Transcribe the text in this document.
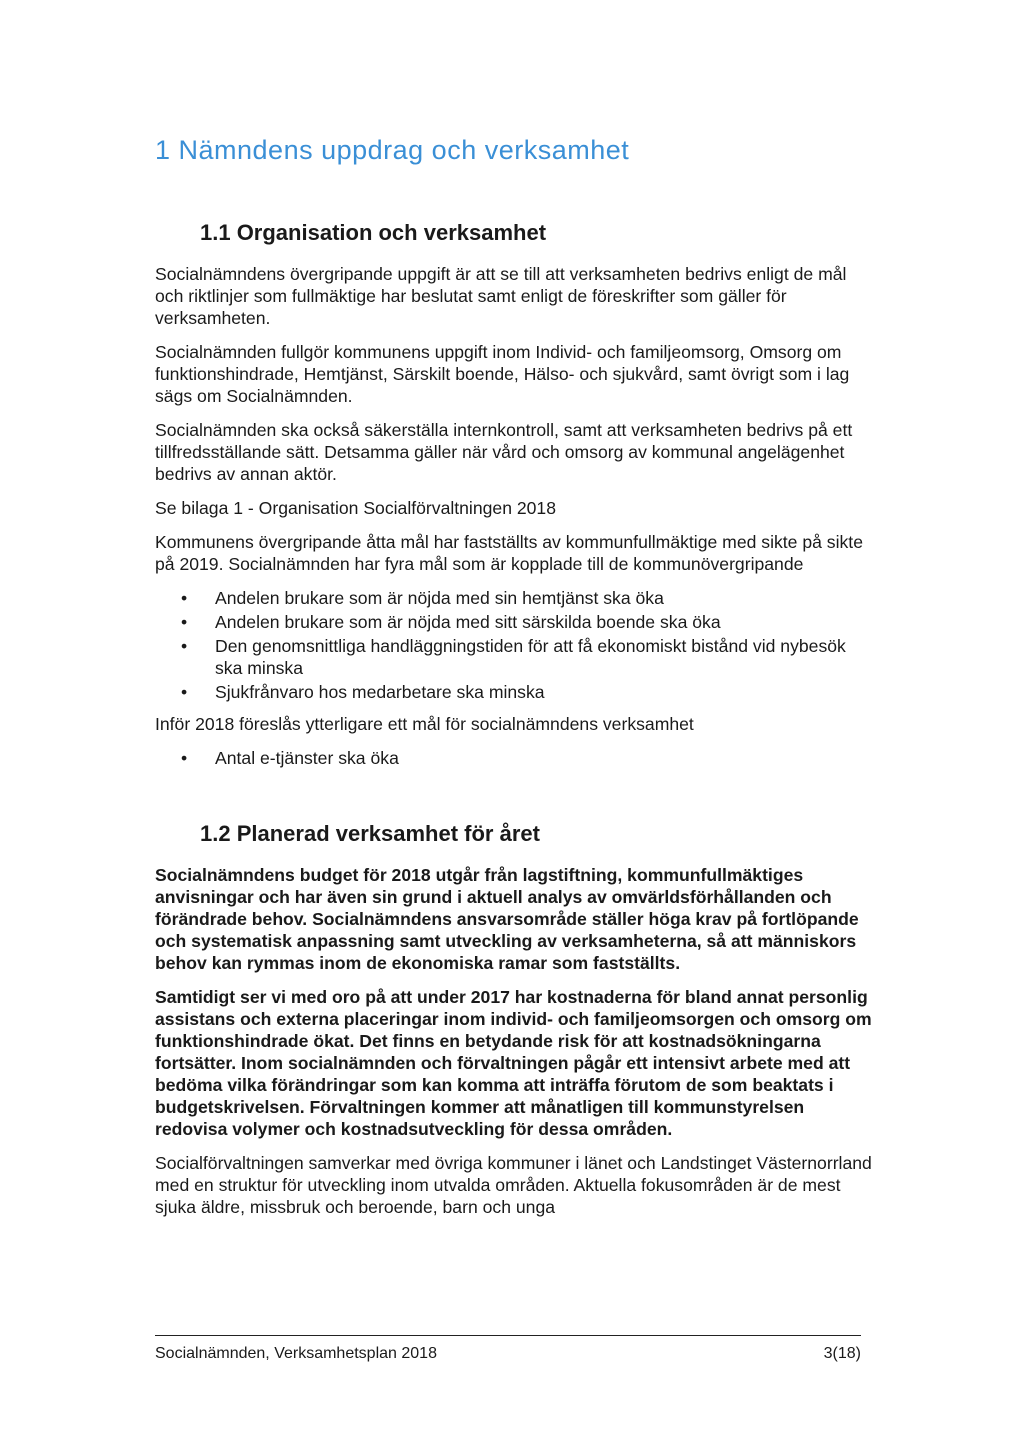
1 Nämndens uppdrag och verksamhet
1.1 Organisation och verksamhet

Socialnämndens övergripande uppgift är att se till att verksamheten bedrivs enligt de mål och riktlinjer som fullmäktige har beslutat samt enligt de föreskrifter som gäller för verksamheten.

Socialnämnden fullgör kommunens uppgift inom Individ- och familjeomsorg, Omsorg om funktionshindrade, Hemtjänst, Särskilt boende, Hälso- och sjukvård, samt övrigt som i lag sägs om Socialnämnden.

Socialnämnden ska också säkerställa internkontroll, samt att verksamheten bedrivs på ett tillfredsställande sätt. Detsamma gäller när vård och omsorg av kommunal angelägenhet bedrivs av annan aktör.

Se bilaga 1 - Organisation Socialförvaltningen 2018

Kommunens övergripande åtta mål har fastställts av kommunfullmäktige med sikte på sikte på 2019. Socialnämnden har fyra mål som är kopplade till de kommunövergripande

• Andelen brukare som är nöjda med sin hemtjänst ska öka
• Andelen brukare som är nöjda med sitt särskilda boende ska öka
• Den genomsnittliga handläggningstiden för att få ekonomiskt bistånd vid nybesök ska minska
• Sjukfrånvaro hos medarbetare ska minska

Inför 2018 föreslås ytterligare ett mål för socialnämndens verksamhet

• Antal e-tjänster ska öka
1.2 Planerad verksamhet för året

Socialnämndens budget för 2018 utgår från lagstiftning, kommunfullmäktiges anvisningar och har även sin grund i aktuell analys av omvärldsförhållanden och förändrade behov. Socialnämndens ansvarsområde ställer höga krav på fortlöpande och systematisk anpassning samt utveckling av verksamheterna, så att människors behov kan rymmas inom de ekonomiska ramar som fastställts.

Samtidigt ser vi med oro på att under 2017 har kostnaderna för bland annat personlig assistans och externa placeringar inom individ- och familjeomsorgen och omsorg om funktionshindrade ökat. Det finns en betydande risk för att kostnadsökningarna fortsätter. Inom socialnämnden och förvaltningen pågår ett intensivt arbete med att bedöma vilka förändringar som kan komma att inträffa förutom de som beaktats i budgetskrivelsen. Förvaltningen kommer att månatligen till kommunstyrelsen redovisa volymer och kostnadsutveckling för dessa områden.

Socialförvaltningen samverkar med övriga kommuner i länet och Landstinget Västernorrland med en struktur för utveckling inom utvalda områden. Aktuella fokusområden är de mest sjuka äldre, missbruk och beroende, barn och unga

Socialnämnden, Verksamhetsplan 2018	3(18)
